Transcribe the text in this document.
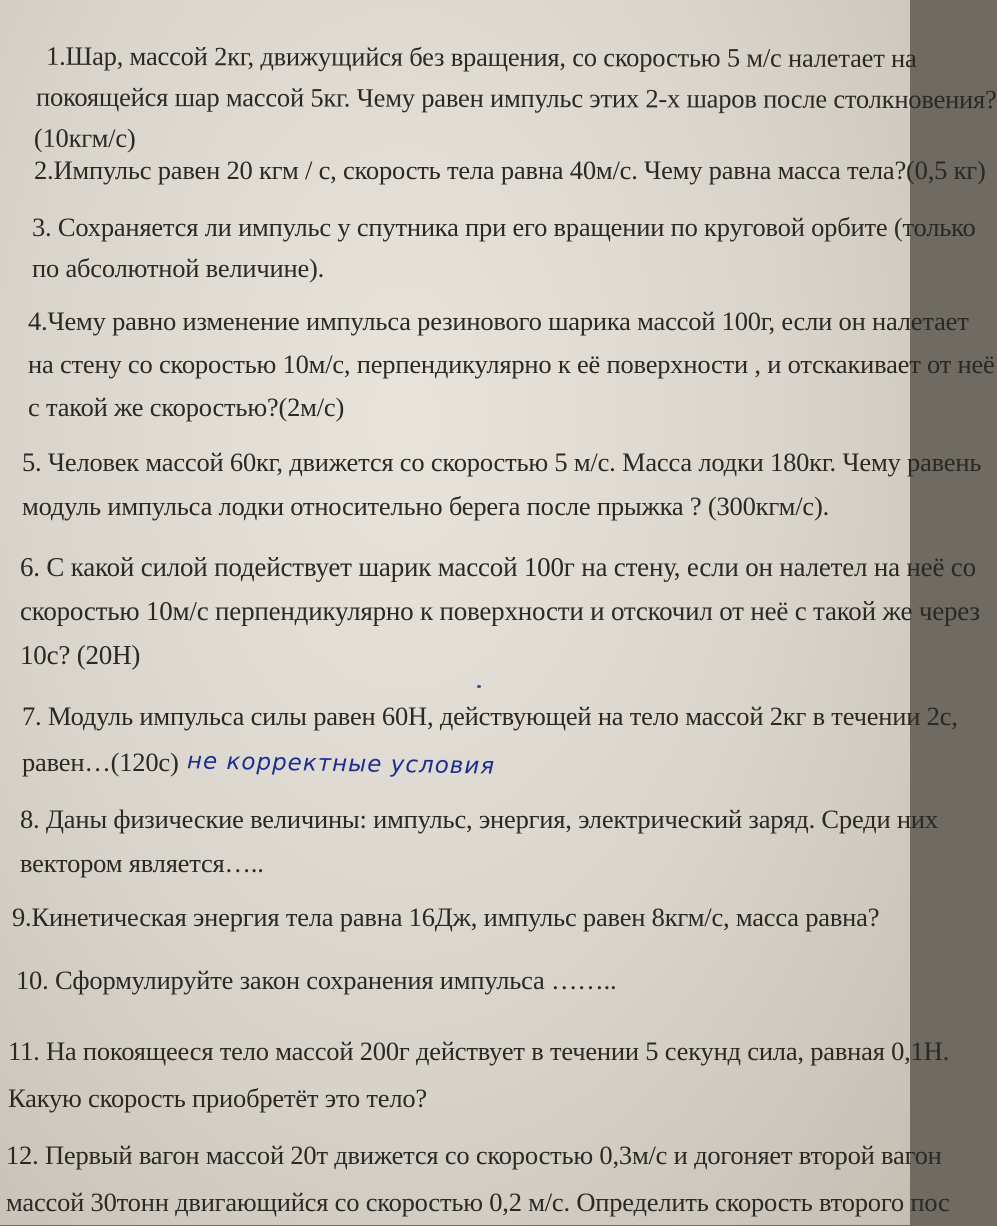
1.Шар, массой 2кг, движущийся без вращения, со скоростью 5 м/с налетает на
покоящейся шар массой 5кг. Чему равен импульс этих 2-х шаров после столкновения?
(10кгм/с)
2.Импульс равен 20 кгм / с, скорость тела равна 40м/с. Чему равна масса тела?(0,5 кг)
3. Сохраняется ли импульс у спутника при его вращении по круговой орбите (только
по абсолютной величине).
4.Чему равно изменение импульса резинового шарика массой 100г, если он налетает
на стену со скоростью 10м/с, перпендикулярно к её поверхности , и отскакивает от неё
с такой же скоростью?(2м/с)
5. Человек массой 60кг, движется со скоростью 5 м/с. Масса лодки 180кг. Чему равень
модуль импульса лодки относительно берега после прыжка ? (300кгм/с).
6. С какой силой подействует шарик массой 100г на стену, если он налетел на неё со
скоростью 10м/с перпендикулярно к поверхности и отскочил от неё с такой же через
10с? (20Н)
7. Модуль импульса силы равен 60Н, действующей на тело массой 2кг в течении 2с,
равен…(120с) не корректные условия
8. Даны физические величины: импульс, энергия, электрический заряд. Среди них
вектором является…..
9.Кинетическая энергия тела равна 16Дж, импульс равен 8кгм/с, масса равна?
10. Сформулируйте закон сохранения импульса ……..
11. На покоящееся тело массой 200г действует в течении 5 секунд сила, равная 0,1Н.
Какую скорость приобретёт это тело?
12. Первый вагон массой 20т движется со скоростью 0,3м/с и догоняет второй вагон
массой 30тонн двигающийся со скоростью 0,2 м/с. Определить скорость второго пос
